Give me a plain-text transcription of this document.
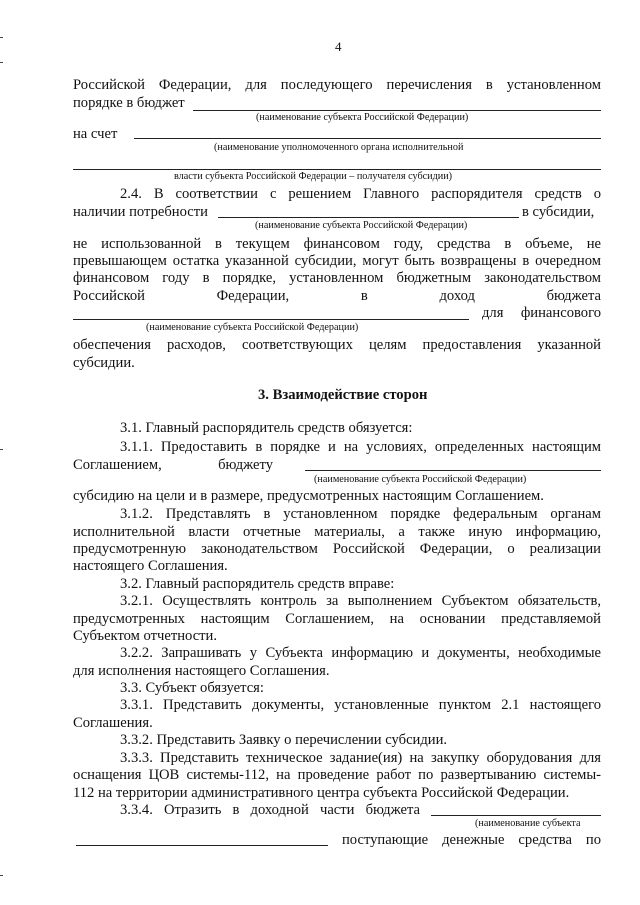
4
Российской Федерации, для последующего перечисления в установленном
порядке в бюджет
(наименование субъекта Российской Федерации)
на счет
(наименование уполномоченного органа исполнительной
власти субъекта Российской Федерации – получателя субсидии)
2.4. В соответствии с решением Главного распорядителя средств о
наличии потребности	в субсидии,
(наименование субъекта Российской Федерации)
не использованной в текущем финансовом году, средства в объеме, не
превышающем остатка указанной субсидии, могут быть возвращены в очередном
финансовом году в порядке, установленном бюджетным законодательством
Российской Федерации, в доход бюджета
для финансового
(наименование субъекта Российской Федерации)
обеспечения расходов, соответствующих целям предоставления указанной
субсидии.
3. Взаимодействие сторон
3.1. Главный распорядитель средств обязуется:
3.1.1. Предоставить в порядке и на условиях, определенных настоящим
Соглашением, бюджету
(наименование субъекта Российской Федерации)
субсидию на цели и в размере, предусмотренных настоящим Соглашением.
3.1.2. Представлять в установленном порядке федеральным органам
исполнительной власти отчетные материалы, а также иную информацию,
предусмотренную законодательством Российской Федерации, о реализации
настоящего Соглашения.
3.2. Главный распорядитель средств вправе:
3.2.1. Осуществлять контроль за выполнением Субъектом обязательств,
предусмотренных настоящим Соглашением, на основании представляемой
Субъектом отчетности.
3.2.2. Запрашивать у Субъекта информацию и документы, необходимые
для исполнения настоящего Соглашения.
3.3. Субъект обязуется:
3.3.1. Представить документы, установленные пунктом 2.1 настоящего
Соглашения.
3.3.2. Представить Заявку о перечислении субсидии.
3.3.3. Представить техническое задание(ия) на закупку оборудования для
оснащения ЦОВ системы-112, на проведение работ по развертыванию системы-
112 на территории административного центра субъекта Российской Федерации.
3.3.4. Отразить в доходной части бюджета
(наименование субъекта
поступающие денежные средства по
